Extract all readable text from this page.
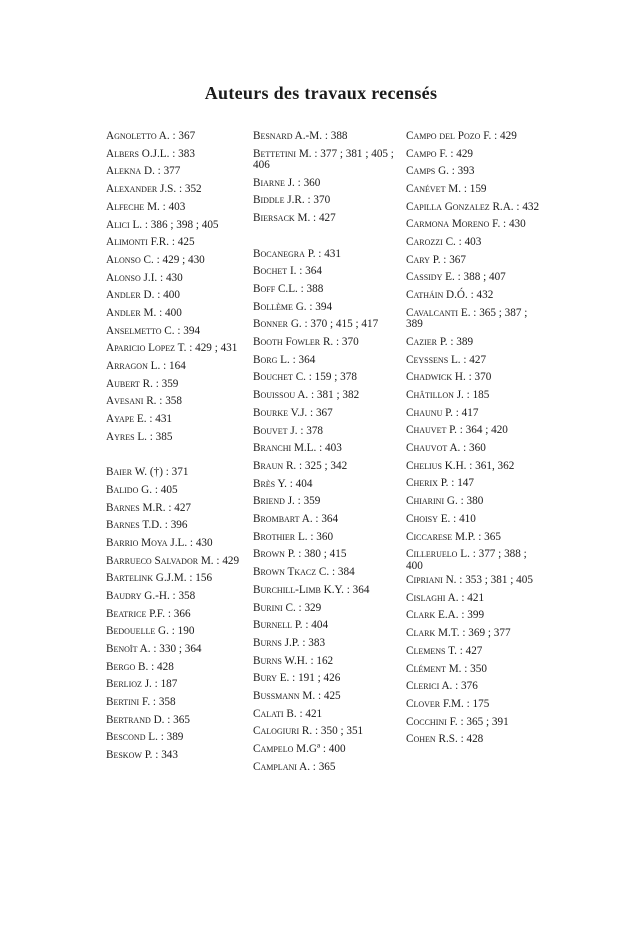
Auteurs des travaux recensés
Agnoletto A. : 367
Albers O.J.L. : 383
Alekna D. : 377
Alexander J.S. : 352
Alfeche M. : 403
Alici L. : 386 ; 398 ; 405
Alimonti F.R. : 425
Alonso C. : 429 ; 430
Alonso J.I. : 430
Andler D. : 400
Andler M. : 400
Anselmetto C. : 394
Aparicio Lopez T. : 429 ; 431
Arragon L. : 164
Aubert R. : 359
Avesani R. : 358
Ayape E. : 431
Ayres L. : 385
Baier W. (†) : 371
Balido G. : 405
Barnes M.R. : 427
Barnes T.D. : 396
Barrio Moya J.L. : 430
Barrueco Salvador M. : 429
Bartelink G.J.M. : 156
Baudry G.-H. : 358
Beatrice P.F. : 366
Bedouelle G. : 190
Benoît A. : 330 ; 364
Bergo B. : 428
Berlioz J. : 187
Bertini F. : 358
Bertrand D. : 365
Bescond L. : 389
Beskow P. : 343
Besnard A.-M. : 388
Bettetini M. : 377 ; 381 ; 405 ; 406
Biarne J. : 360
Biddle J.R. : 370
Biersack M. : 427
Bocanegra P. : 431
Bochet I. : 364
Boff C.L. : 388
Bollème G. : 394
Bonner G. : 370 ; 415 ; 417
Booth Fowler R. : 370
Borg L. : 364
Bouchet C. : 159 ; 378
Bouissou A. : 381 ; 382
Bourke V.J. : 367
Bouvet J. : 378
Branchi M.L. : 403
Braun R. : 325 ; 342
Brès Y. : 404
Briend J. : 359
Brombart A. : 364
Brothier L. : 360
Brown P. : 380 ; 415
Brown Tkacz C. : 384
Burchill-Limb K.Y. : 364
Burini C. : 329
Burnell P. : 404
Burns J.P. : 383
Burns W.H. : 162
Bury E. : 191 ; 426
Bussmann M. : 425
Calati B. : 421
Calogiuri R. : 350 ; 351
Campelo M.Gª : 400
Camplani A. : 365
Campo del Pozo F. : 429
Campo F. : 429
Camps G. : 393
Canévet M. : 159
Capilla Gonzalez R.A. : 432
Carmona Moreno F. : 430
Carozzi C. : 403
Cary P. : 367
Cassidy E. : 388 ; 407
Catháin D.Ó. : 432
Cavalcanti E. : 365 ; 387 ; 389
Cazier P. : 389
Ceyssens L. : 427
Chadwick H. : 370
Châtillon J. : 185
Chaunu P. : 417
Chauvet P. : 364 ; 420
Chauvot A. : 360
Chelius K.H. : 361, 362
Cherix P. : 147
Chiarini G. : 380
Choisy E. : 410
Ciccarese M.P. : 365
Cilleruelo L. : 377 ; 388 ; 400
Cipriani N. : 353 ; 381 ; 405
Cislaghi A. : 421
Clark E.A. : 399
Clark M.T. : 369 ; 377
Clemens T. : 427
Clément M. : 350
Clerici A. : 376
Clover F.M. : 175
Cocchini F. : 365 ; 391
Cohen R.S. : 428
